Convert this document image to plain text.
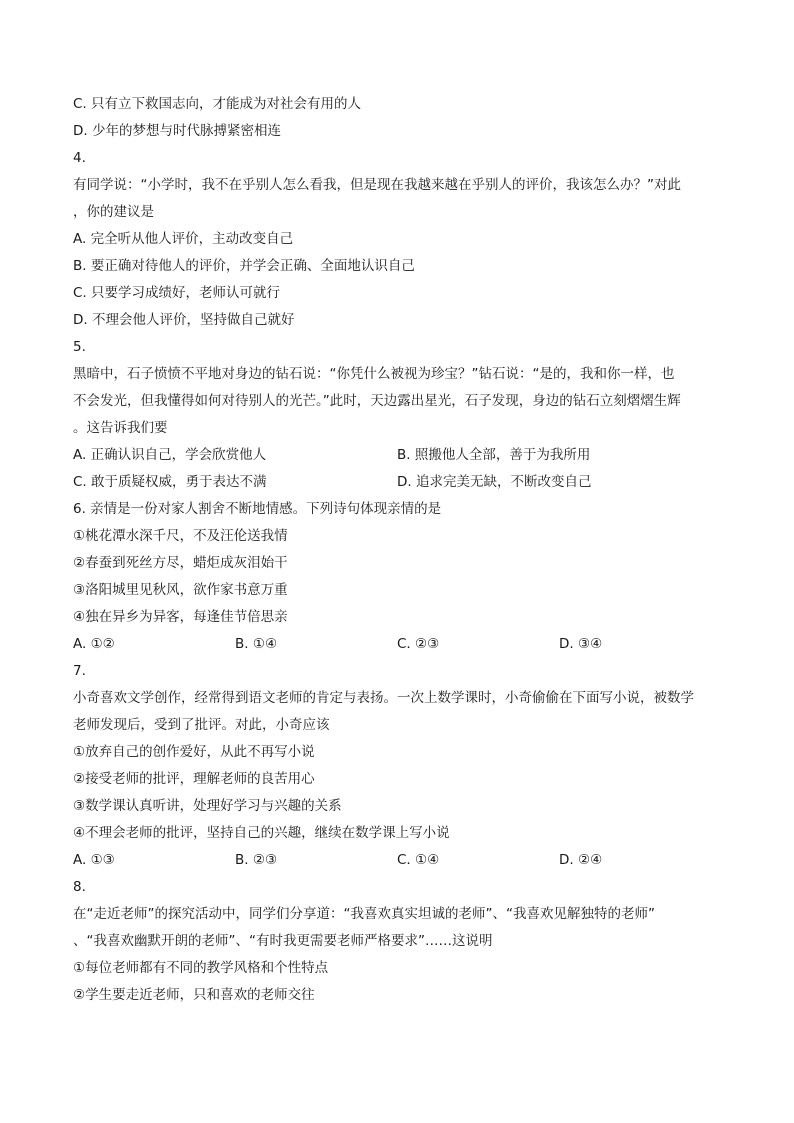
C. 只有立下救国志向，才能成为对社会有用的人
D. 少年的梦想与时代脉搏紧密相连
4.
有同学说：“小学时，我不在乎别人怎么看我，但是现在我越来越在乎别人的评价，我该怎么办？”对此
，你的建议是
A. 完全听从他人评价，主动改变自己
B. 要正确对待他人的评价，并学会正确、全面地认识自己
C. 只要学习成绩好，老师认可就行
D. 不理会他人评价，坚持做自己就好
5.
黑暗中，石子愤愤不平地对身边的钻石说：“你凭什么被视为珍宝？”钻石说：“是的，我和你一样，也
不会发光，但我懂得如何对待别人的光芒。”此时，天边露出星光，石子发现，身边的钻石立刻熠熠生辉
。这告诉我们要
A. 正确认识自己，学会欣赏他人	B. 照搬他人全部，善于为我所用
C. 敢于质疑权威，勇于表达不满	D. 追求完美无缺，不断改变自己
6. 亲情是一份对家人割舍不断地情感。下列诗句体现亲情的是
①桃花潭水深千尺，不及汪伦送我情
②春蚕到死丝方尽，蜡炬成灰泪始干
③洛阳城里见秋风，欲作家书意万重
④独在异乡为异客，每逢佳节倍思亲
A. ①②	B. ①④	C. ②③	D. ③④
7.
小奇喜欢文学创作，经常得到语文老师的肯定与表扬。一次上数学课时，小奇偷偷在下面写小说，被数学
老师发现后，受到了批评。对此，小奇应该
①放弃自己的创作爱好，从此不再写小说
②接受老师的批评，理解老师的良苦用心
③数学课认真听讲，处理好学习与兴趣的关系
④不理会老师的批评，坚持自己的兴趣，继续在数学课上写小说
A. ①③	B. ②③	C. ①④	D. ②④
8.
在“走近老师”的探究活动中，同学们分享道：“我喜欢真实坦诚的老师”、“我喜欢见解独特的老师”
、“我喜欢幽默开朗的老师”、“有时我更需要老师严格要求”……这说明
①每位老师都有不同的教学风格和个性特点
②学生要走近老师，只和喜欢的老师交往
